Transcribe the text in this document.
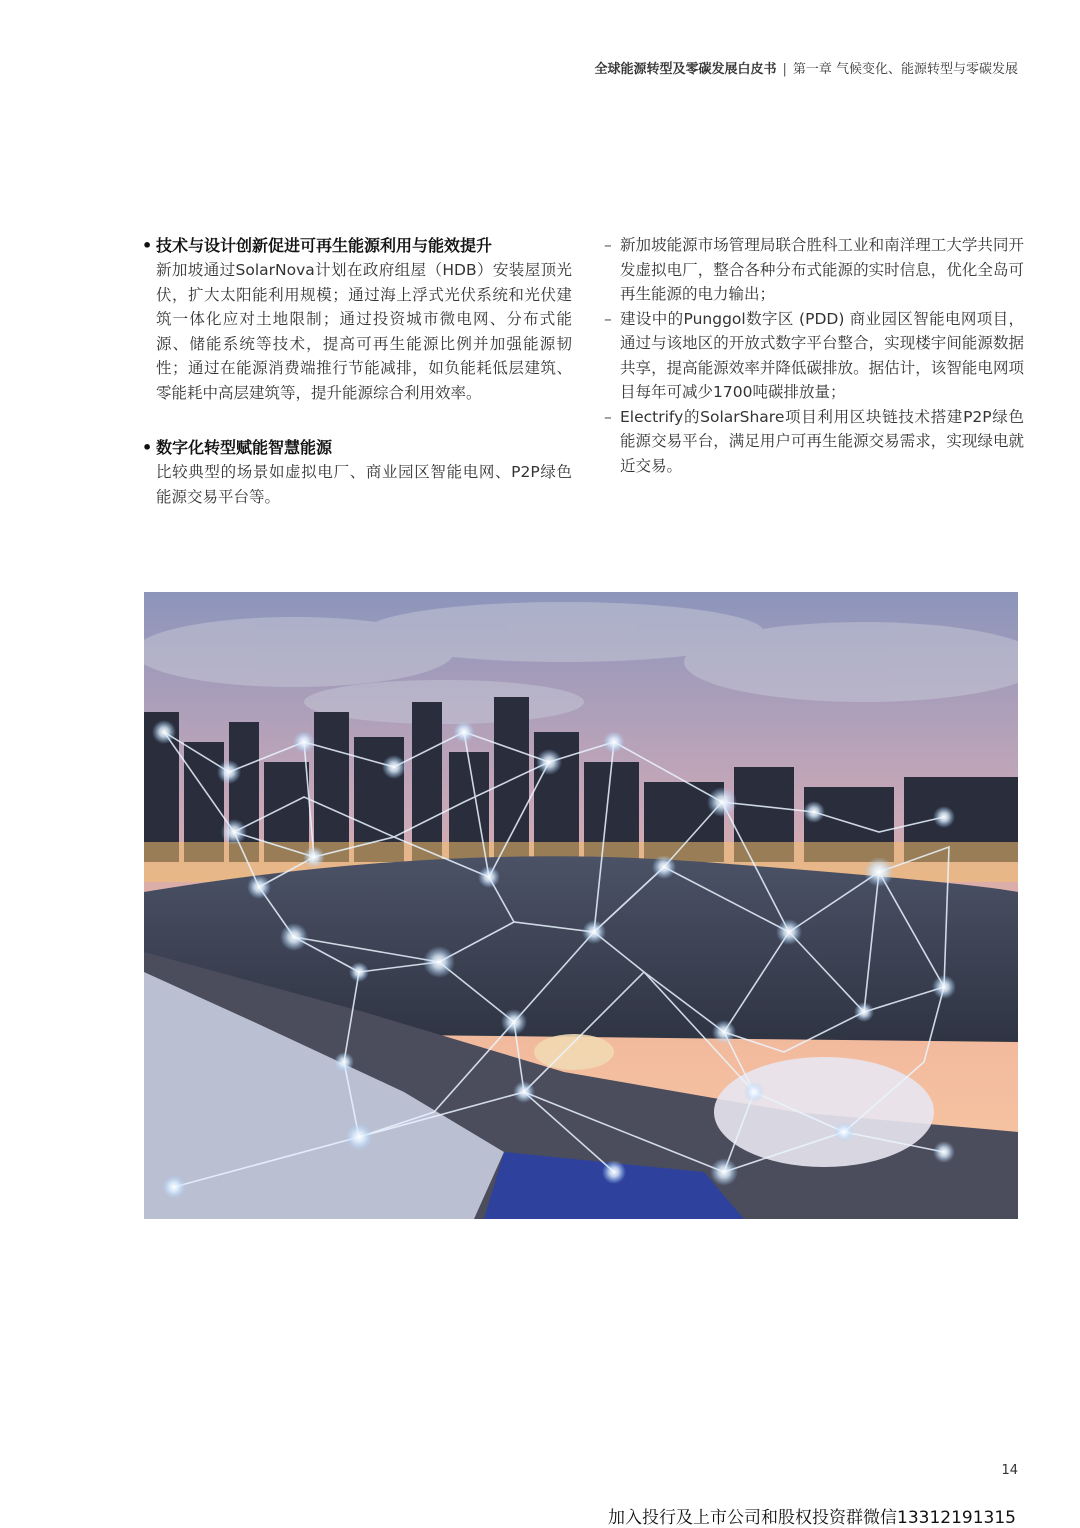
全球能源转型及零碳发展白皮书 | 第一章 气候变化、能源转型与零碳发展
• 技术与设计创新促进可再生能源利用与能效提升
新加坡通过SolarNova计划在政府组屋（HDB）安装屋顶光伏，扩大太阳能利用规模；通过海上浮式光伏系统和光伏建筑一体化应对土地限制；通过投资城市微电网、分布式能源、储能系统等技术，提高可再生能源比例并加强能源韧性；通过在能源消费端推行节能减排，如负能耗低层建筑、零能耗中高层建筑等，提升能源综合利用效率。
• 数字化转型赋能智慧能源
比较典型的场景如虚拟电厂、商业园区智能电网、P2P绿色能源交易平台等。
– 新加坡能源市场管理局联合胜科工业和南洋理工大学共同开发虚拟电厂，整合各种分布式能源的实时信息，优化全岛可再生能源的电力输出；
– 建设中的Punggol数字区 (PDD) 商业园区智能电网项目，通过与该地区的开放式数字平台整合，实现楼宇间能源数据共享，提高能源效率并降低碳排放。据估计，该智能电网项目每年可减少1700吨碳排放量；
– Electrify的SolarShare项目利用区块链技术搭建P2P绿色能源交易平台，满足用户可再生能源交易需求，实现绿电就近交易。
14
加入投行及上市公司和股权投资群微信13312191315
